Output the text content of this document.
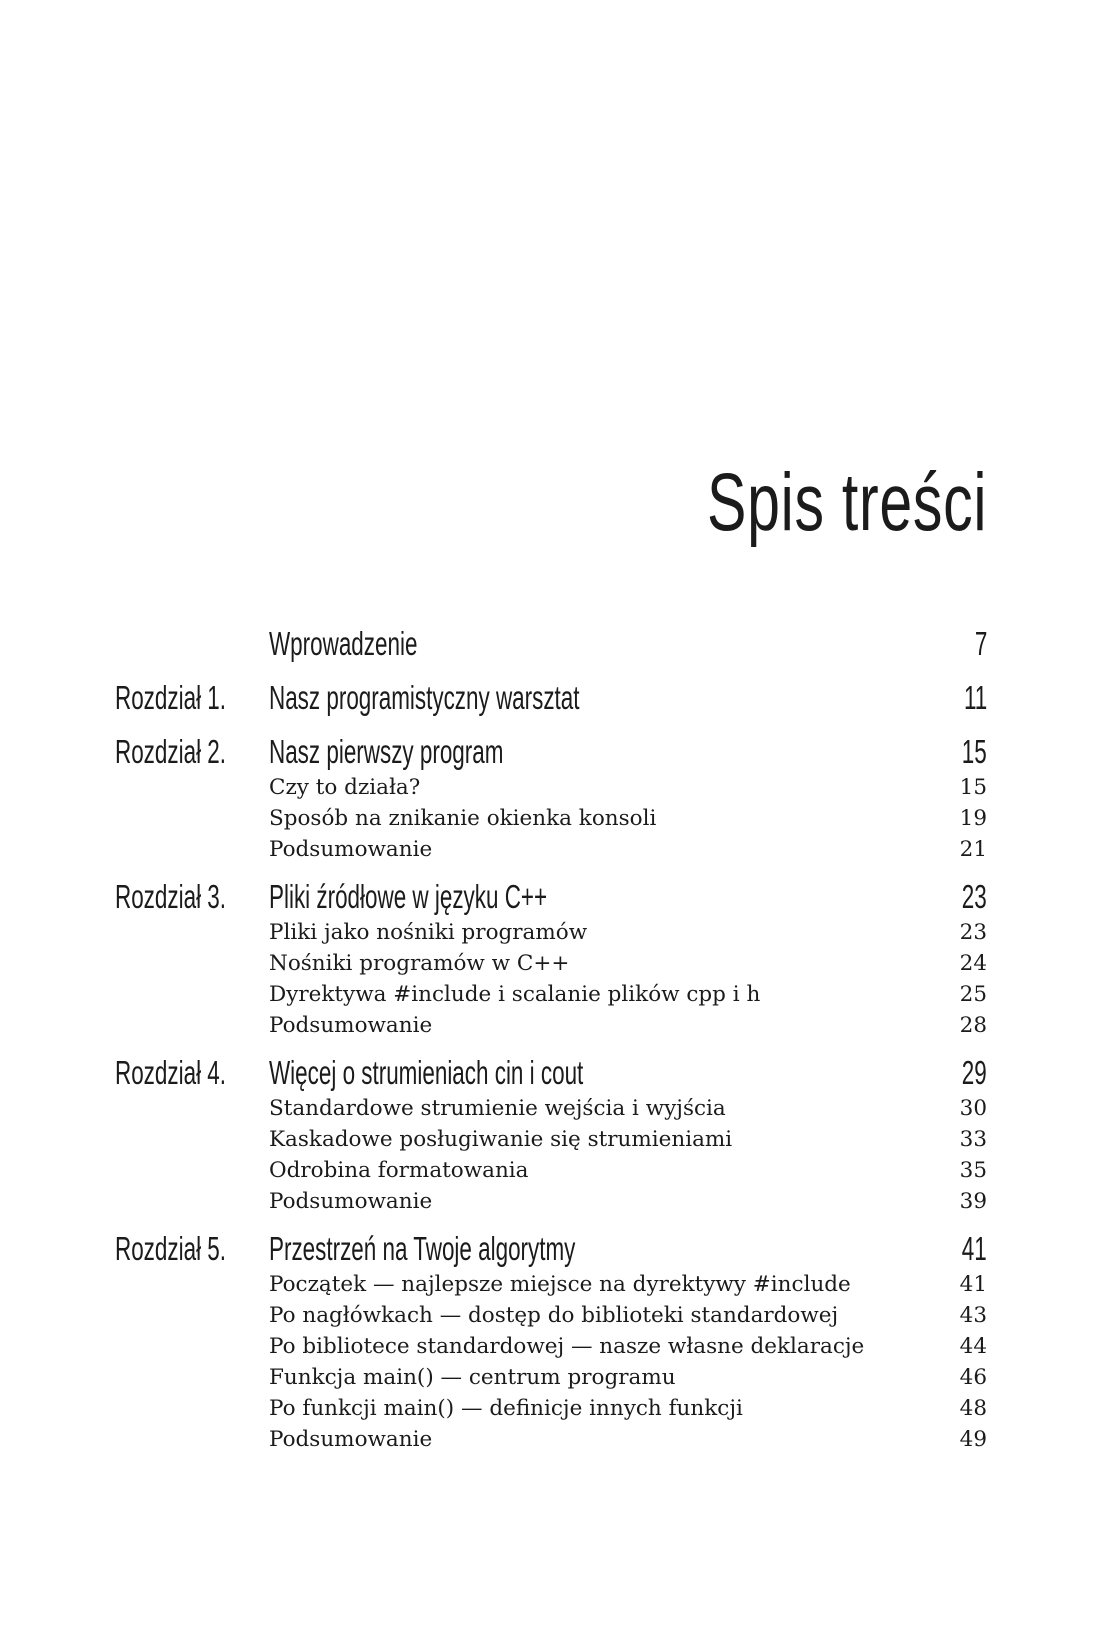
Spis treści
Wprowadzenie	7
Rozdział 1. Nasz programistyczny warsztat	11
Rozdział 2. Nasz pierwszy program	15
Czy to działa?	15
Sposób na znikanie okienka konsoli	19
Podsumowanie	21
Rozdział 3. Pliki źródłowe w języku C++	23
Pliki jako nośniki programów	23
Nośniki programów w C++	24
Dyrektywa #include i scalanie plików cpp i h	25
Podsumowanie	28
Rozdział 4. Więcej o strumieniach cin i cout	29
Standardowe strumienie wejścia i wyjścia	30
Kaskadowe posługiwanie się strumieniami	33
Odrobina formatowania	35
Podsumowanie	39
Rozdział 5. Przestrzeń na Twoje algorytmy	41
Początek — najlepsze miejsce na dyrektywy #include	41
Po nagłówkach — dostęp do biblioteki standardowej	43
Po bibliotece standardowej — nasze własne deklaracje	44
Funkcja main() — centrum programu	46
Po funkcji main() — definicje innych funkcji	48
Podsumowanie	49
